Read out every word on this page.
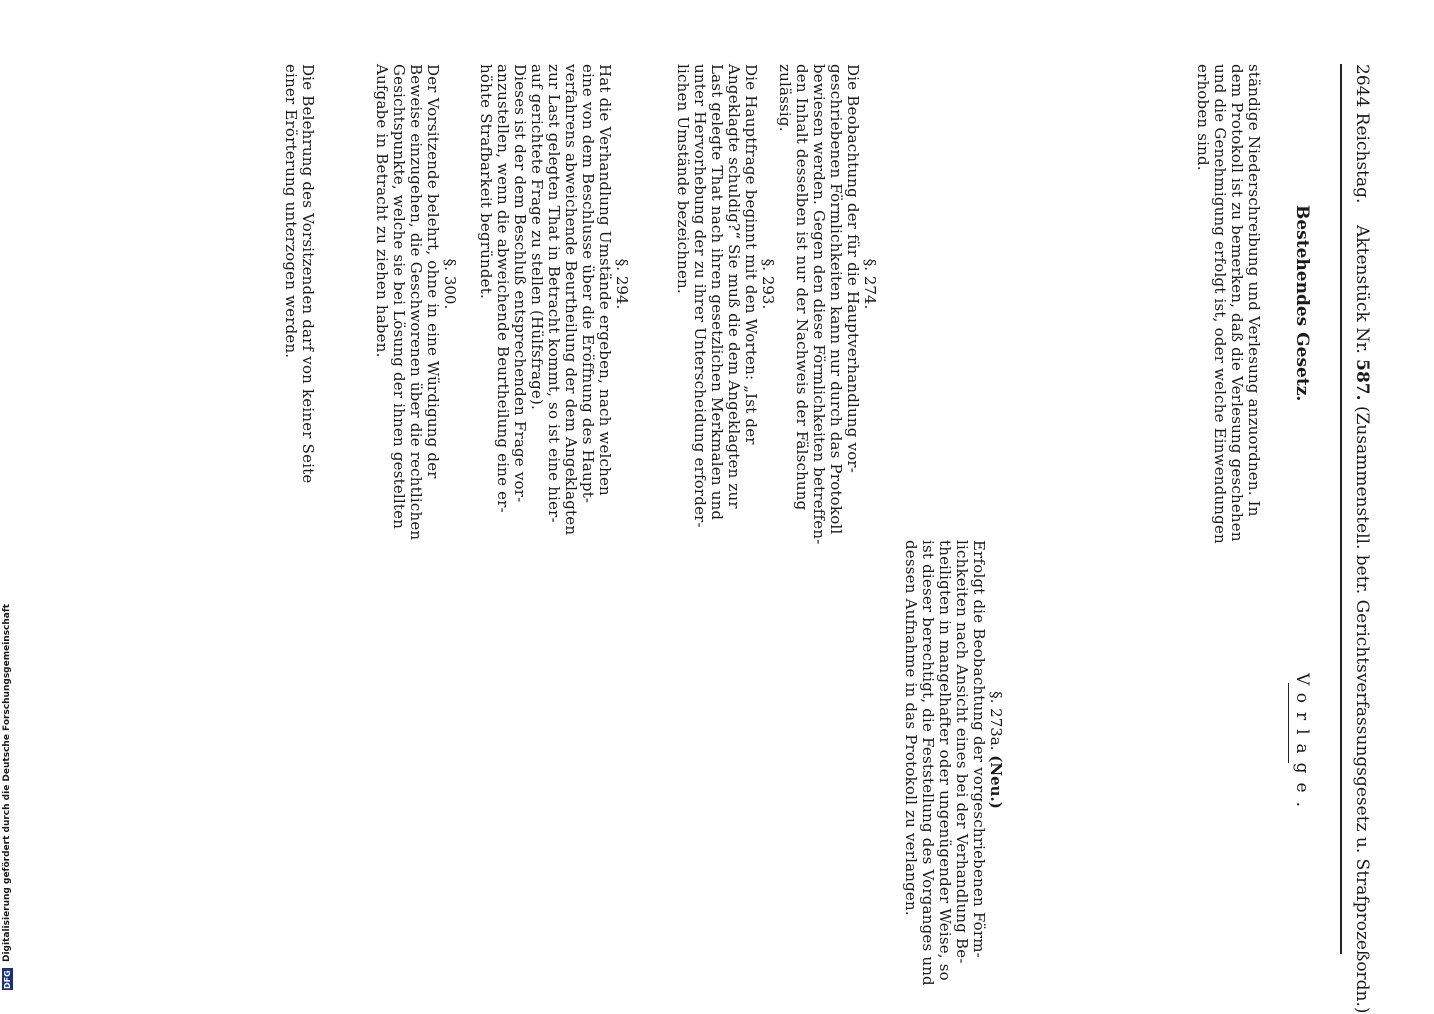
2644 Reichstag.    Aktenstück Nr. 587. (Zusammenstell. betr. Gerichtsverfassungsgesetz u. Strafprozeßordn.)
Bestehendes Gesetz.
Vorlage.
ständige Niederschreibung und Verlesung anzuordnen. In
dem Protokoll ist zu bemerken, daß die Verlesung geschehen
und die Genehmigung erfolgt ist, oder welche Einwendungen
erhoben sind.
§. 274.
Die Beobachtung der für die Hauptverhandlung vor-
geschriebenen Förmlichkeiten kann nur durch das Protokoll
bewiesen werden. Gegen den diese Förmlichkeiten betreffen-
den Inhalt desselben ist nur der Nachweis der Fälschung
zulässig.
§. 293.
Die Hauptfrage beginnt mit den Worten: „Ist der
Angeklagte schuldig?“ Sie muß die dem Angeklagten zur
Last gelegte That nach ihren gesetzlichen Merkmalen und
unter Hervorhebung der zu ihrer Unterscheidung erforder-
lichen Umstände bezeichnen.
§. 294.
Hat die Verhandlung Umstände ergeben, nach welchen
eine von dem Beschlusse über die Eröffnung des Haupt-
verfahrens abweichende Beurtheilung der dem Angeklagten
zur Last gelegten That in Betracht kommt, so ist eine hier-
auf gerichtete Frage zu stellen (Hülfsfrage).
Dieses ist der dem Beschluß entsprechenden Frage vor-
anzustellen, wenn die abweichende Beurtheilung eine er-
höhte Strafbarkeit begründet.
§. 300.
Der Vorsitzende belehrt, ohne in eine Würdigung der
Beweise einzugehen, die Geschworenen über die rechtlichen
Gesichtspunkte, welche sie bei Lösung der ihnen gestellten
Aufgabe in Betracht zu ziehen haben.
Die Belehrung des Vorsitzenden darf von keiner Seite
einer Erörterung unterzogen werden.
§. 273a. (Neu.)
Erfolgt die Beobachtung der vorgeschriebenen Förm-
lichkeiten nach Ansicht eines bei der Verhandlung Be-
theiligten in mangelhafter oder ungenügender Weise, so
ist dieser berechtigt, die Feststellung des Vorganges und
dessen Aufnahme in das Protokoll zu verlangen.
Digitalisierung gefördert durch die Deutsche Forschungsgemeinschaft
DFG
